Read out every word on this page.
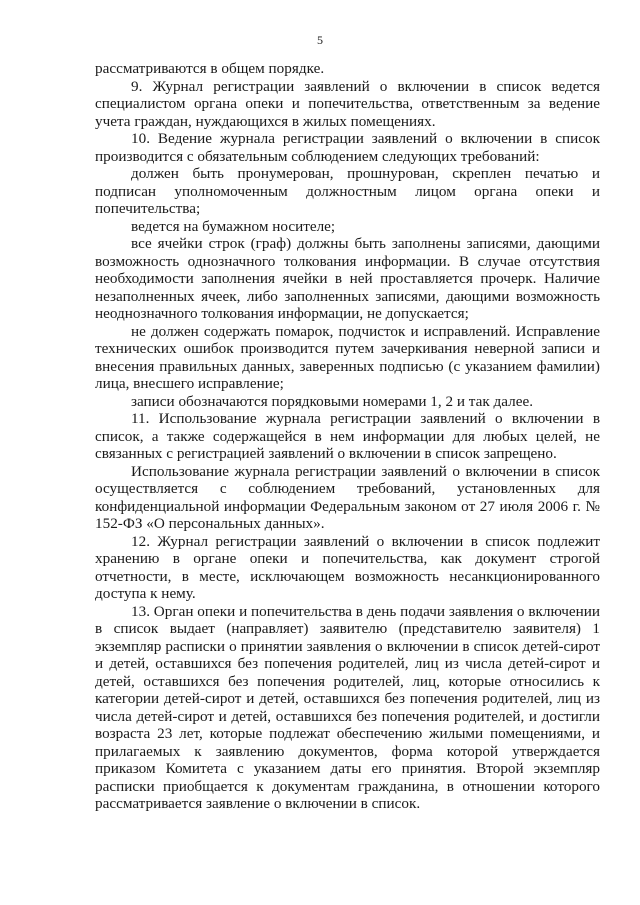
5

рассматриваются в общем порядке.

9. Журнал регистрации заявлений о включении в список ведется специалистом органа опеки и попечительства, ответственным за ведение учета граждан, нуждающихся в жилых помещениях.

10. Ведение журнала регистрации заявлений о включении в список производится с обязательным соблюдением следующих требований:

должен быть пронумерован, прошнурован, скреплен печатью и подписан уполномоченным должностным лицом органа опеки и попечительства;

ведется на бумажном носителе;

все ячейки строк (граф) должны быть заполнены записями, дающими возможность однозначного толкования информации. В случае отсутствия необходимости заполнения ячейки в ней проставляется прочерк. Наличие незаполненных ячеек, либо заполненных записями, дающими возможность неоднозначного толкования информации, не допускается;

не должен содержать помарок, подчисток и исправлений. Исправление технических ошибок производится путем зачеркивания неверной записи и внесения правильных данных, заверенных подписью (с указанием фамилии) лица, внесшего исправление;

записи обозначаются порядковыми номерами 1, 2 и так далее.

11. Использование журнала регистрации заявлений о включении в список, а также содержащейся в нем информации для любых целей, не связанных с регистрацией заявлений о включении в список запрещено.

Использование журнала регистрации заявлений о включении в список осуществляется с соблюдением требований, установленных для конфиденциальной информации Федеральным законом от 27 июля 2006 г. № 152-ФЗ «О персональных данных».

12. Журнал регистрации заявлений о включении в список подлежит хранению в органе опеки и попечительства, как документ строгой отчетности, в месте, исключающем возможность несанкционированного доступа к нему.

13. Орган опеки и попечительства в день подачи заявления о включении в список выдает (направляет) заявителю (представителю заявителя) 1 экземпляр расписки о принятии заявления о включении в список детей-сирот и детей, оставшихся без попечения родителей, лиц из числа детей-сирот и детей, оставшихся без попечения родителей, лиц, которые относились к категории детей-сирот и детей, оставшихся без попечения родителей, лиц из числа детей-сирот и детей, оставшихся без попечения родителей, и достигли возраста 23 лет, которые подлежат обеспечению жилыми помещениями, и прилагаемых к заявлению документов, форма которой утверждается приказом Комитета с указанием даты его принятия. Второй экземпляр расписки приобщается к документам гражданина, в отношении которого рассматривается заявление о включении в список.
